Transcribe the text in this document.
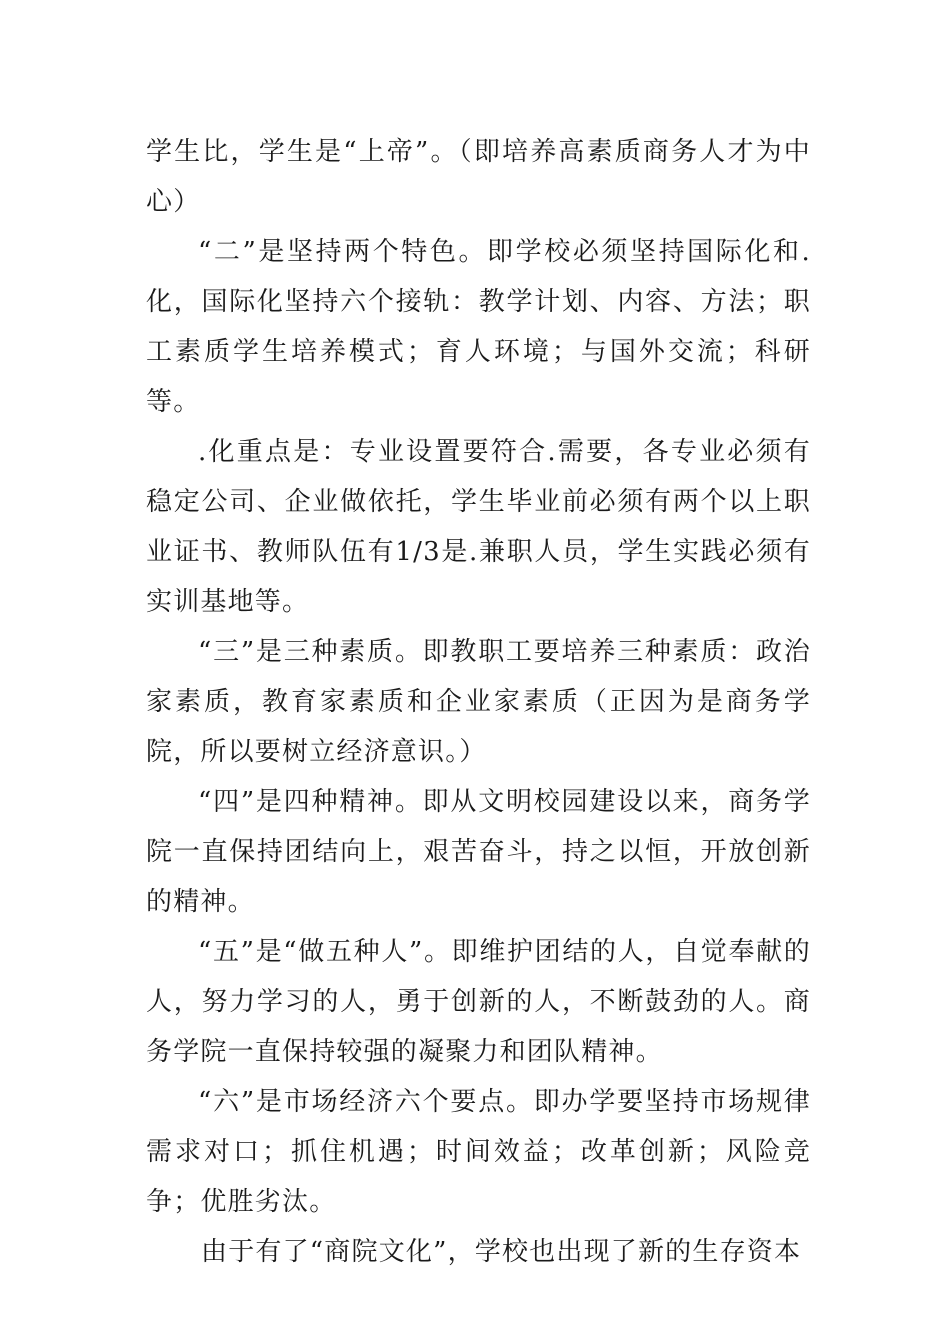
学生比，学生是“上帝”。（即培养高素质商务人才为中心）

“二”是坚持两个特色。即学校必须坚持国际化和.化，国际化坚持六个接轨：教学计划、内容、方法；职工素质学生培养模式；育人环境；与国外交流；科研等。

.化重点是：专业设置要符合.需要，各专业必须有稳定公司、企业做依托，学生毕业前必须有两个以上职业证书、教师队伍有1/3是.兼职人员，学生实践必须有实训基地等。

“三”是三种素质。即教职工要培养三种素质：政治家素质，教育家素质和企业家素质（正因为是商务学院，所以要树立经济意识。）

“四”是四种精神。即从文明校园建设以来，商务学院一直保持团结向上，艰苦奋斗，持之以恒，开放创新的精神。

“五”是“做五种人”。即维护团结的人，自觉奉献的人，努力学习的人，勇于创新的人，不断鼓劲的人。商务学院一直保持较强的凝聚力和团队精神。

“六”是市场经济六个要点。即办学要坚持市场规律需求对口；抓住机遇；时间效益；改革创新；风险竞争；优胜劣汰。

由于有了“商院文化”，学校也出现了新的生存资本
